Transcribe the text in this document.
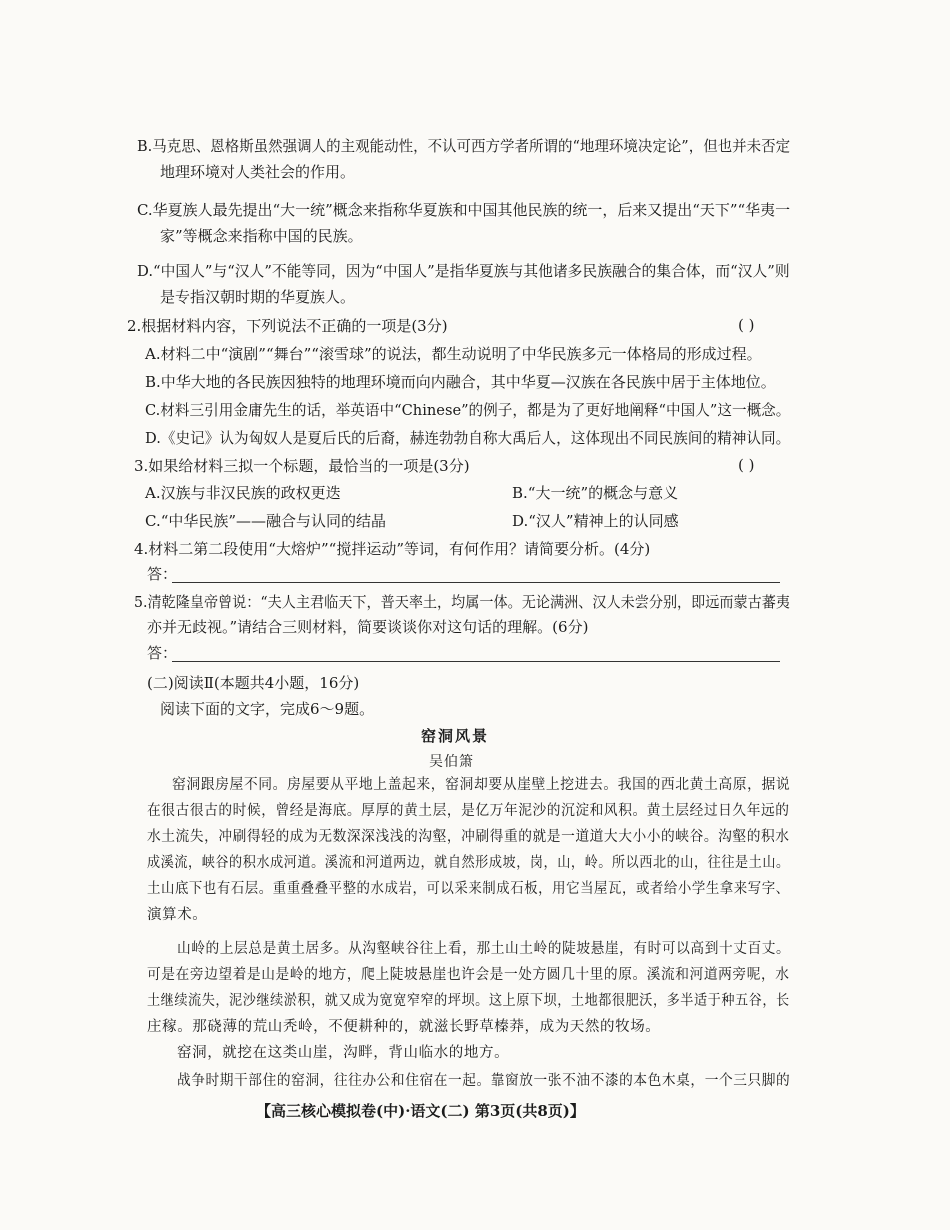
B.马克思、恩格斯虽然强调人的主观能动性，不认可西方学者所谓的“地理环境决定论”，但也并未否定
地理环境对人类社会的作用。
C.华夏族人最先提出“大一统”概念来指称华夏族和中国其他民族的统一，后来又提出“天下”“华夷一
家”等概念来指称中国的民族。
D.“中国人”与“汉人”不能等同，因为“中国人”是指华夏族与其他诸多民族融合的集合体，而“汉人”则
是专指汉朝时期的华夏族人。
2.根据材料内容，下列说法不正确的一项是(3分)	( )
A.材料二中“演剧”“舞台”“滚雪球”的说法，都生动说明了中华民族多元一体格局的形成过程。
B.中华大地的各民族因独特的地理环境而向内融合，其中华夏—汉族在各民族中居于主体地位。
C.材料三引用金庸先生的话，举英语中“Chinese”的例子，都是为了更好地阐释“中国人”这一概念。
D.《史记》认为匈奴人是夏后氏的后裔，赫连勃勃自称大禹后人，这体现出不同民族间的精神认同。
3.如果给材料三拟一个标题，最恰当的一项是(3分)	( )
A.汉族与非汉民族的政权更迭	B.“大一统”的概念与意义
C.“中华民族”——融合与认同的结晶	D.“汉人”精神上的认同感
4.材料二第二段使用“大熔炉”“搅拌运动”等词，有何作用？请简要分析。(4分)
答：
5.清乾隆皇帝曾说：“夫人主君临天下，普天率土，均属一体。无论满洲、汉人未尝分别，即远而蒙古蕃夷
亦并无歧视。”请结合三则材料，简要谈谈你对这句话的理解。(6分)
答：
(二)阅读Ⅱ(本题共4小题，16分)
阅读下面的文字，完成6～9题。
窑洞风景
吴伯箫
窑洞跟房屋不同。房屋要从平地上盖起来，窑洞却要从崖壁上挖进去。我国的西北黄土高原，据说
在很古很古的时候，曾经是海底。厚厚的黄土层，是亿万年泥沙的沉淀和风积。黄土层经过日久年远的
水土流失，冲刷得轻的成为无数深深浅浅的沟壑，冲刷得重的就是一道道大大小小的峡谷。沟壑的积水
成溪流，峡谷的积水成河道。溪流和河道两边，就自然形成坡，岗，山，岭。所以西北的山，往往是土山。
土山底下也有石层。重重叠叠平整的水成岩，可以采来制成石板，用它当屋瓦，或者给小学生拿来写字、
演算术。
山岭的上层总是黄土居多。从沟壑峡谷往上看，那土山土岭的陡坡悬崖，有时可以高到十丈百丈。
可是在旁边望着是山是岭的地方，爬上陡坡悬崖也许会是一处方圆几十里的原。溪流和河道两旁呢，水
土继续流失，泥沙继续淤积，就又成为宽宽窄窄的坪坝。这上原下坝，土地都很肥沃，多半适于种五谷，长
庄稼。那硗薄的荒山秃岭，不便耕种的，就滋长野草榛莽，成为天然的牧场。
窑洞，就挖在这类山崖，沟畔，背山临水的地方。
战争时期干部住的窑洞，往往办公和住宿在一起。靠窗放一张不油不漆的本色木桌，一个三只脚的
【高三核心模拟卷(中)·语文(二) 第3页(共8页)】
